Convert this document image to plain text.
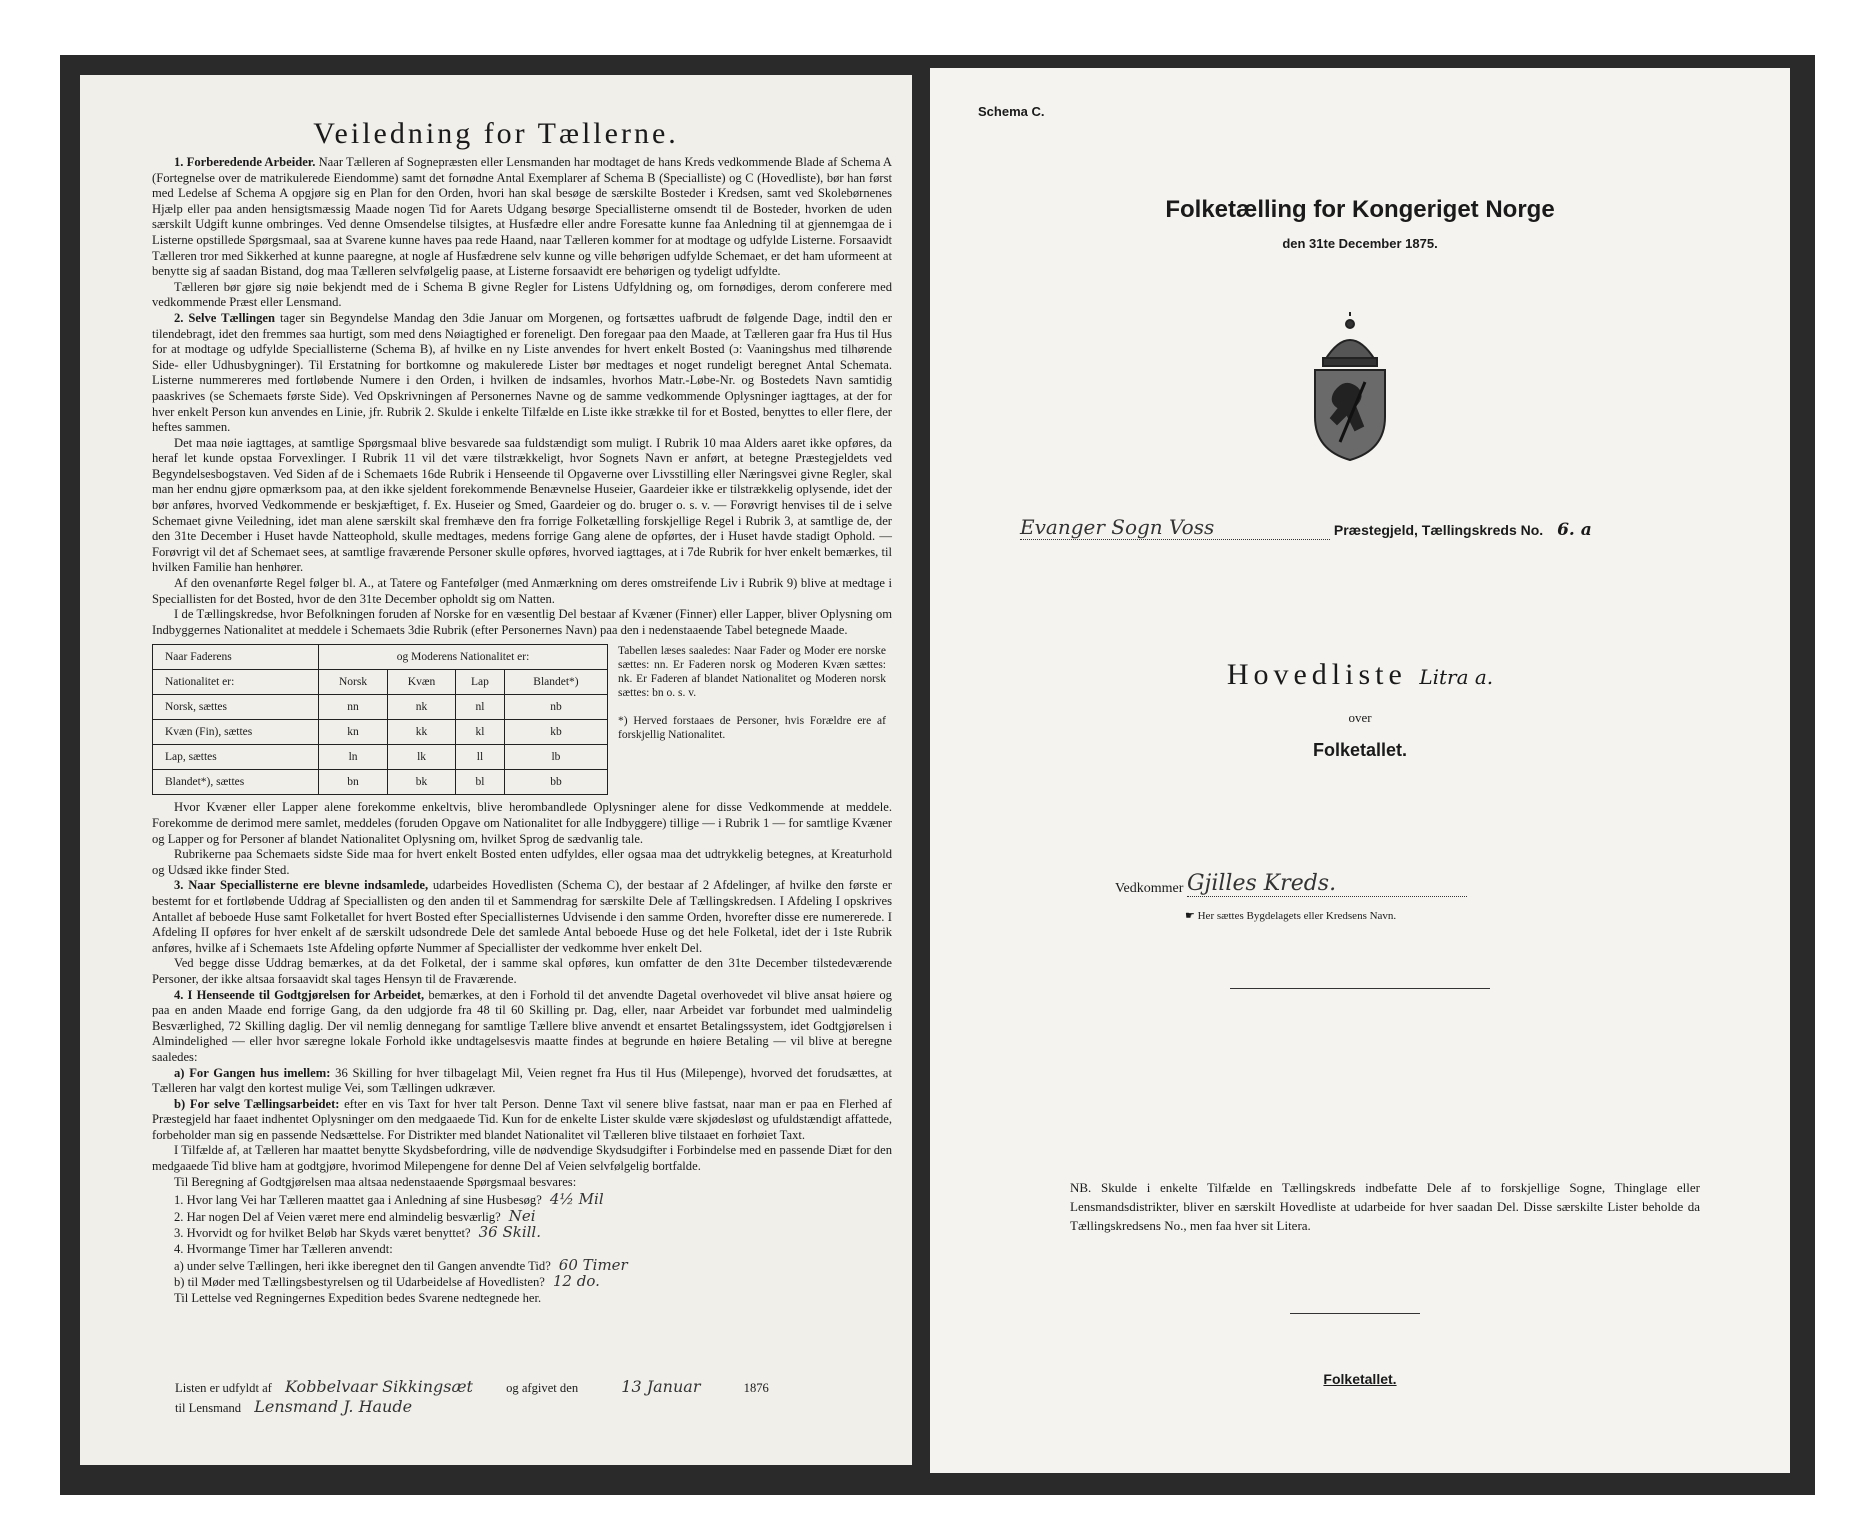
Veiledning for Tællerne.

1. Forberedende Arbeider. Naar Tælleren af Sognepræsten eller Lensmanden har modtaget de hans Kreds vedkommende Blade af Schema A (Fortegnelse over de matrikulerede Eiendomme) samt det fornødne Antal Exemplarer af Schema B (Specialliste) og C (Hovedliste), bør han først med Ledelse af Schema A opgjøre sig en Plan for den Orden, hvori han skal besøge de særskilte Bosteder i Kredsen, samt ved Skolebørnenes Hjælp eller paa anden hensigtsmæssig Maade nogen Tid for Aarets Udgang besørge Speciallisterne omsendt til de Bosteder, hvorken de uden særskilt Udgift kunne ombringes. Ved denne Omsendelse tilsigtes, at Husfædre eller andre Foresatte kunne faa Anledning til at gjennemgaa de i Listerne opstillede Spørgsmaal, saa at Svarene kunne haves paa rede Haand, naar Tælleren kommer for at modtage og udfylde Listerne. Forsaavidt Tælleren tror med Sikkerhed at kunne paaregne, at nogle af Husfædrene selv kunne og ville behørigen udfylde Schemaet, er det ham uformeent at benytte sig af saadan Bistand, dog maa Tælleren selvfølgelig paase, at Listerne forsaavidt ere behørigen og tydeligt udfyldte.

Tælleren bør gjøre sig nøie bekjendt med de i Schema B givne Regler for Listens Udfyldning og, om fornødiges, derom conferere med vedkommende Præst eller Lensmand.

2. Selve Tællingen tager sin Begyndelse Mandag den 3die Januar om Morgenen, og fortsættes uafbrudt de følgende Dage, indtil den er tilendebragt, idet den fremmes saa hurtigt, som med dens Nøiagtighed er foreneligt. Den foregaar paa den Maade, at Tælleren gaar fra Hus til Hus for at modtage og udfylde Speciallisterne (Schema B), af hvilke en ny Liste anvendes for hvert enkelt Bosted (ɔ: Vaaningshus med tilhørende Side- eller Udhusbygninger). Til Erstatning for bortkomne og makulerede Lister bør medtages et noget rundeligt beregnet Antal Schemata. Listerne nummereres med fortløbende Numere i den Orden, i hvilken de indsamles, hvorhos Matr.-Løbe-Nr. og Bostedets Navn samtidig paaskrives (se Schemaets første Side). Ved Opskrivningen af Personernes Navne og de samme vedkommende Oplysninger iagttages, at der for hver enkelt Person kun anvendes en Linie, jfr. Rubrik 2. Skulde i enkelte Tilfælde en Liste ikke strække til for et Bosted, benyttes to eller flere, der heftes sammen.

Det maa nøie iagttages, at samtlige Spørgsmaal blive besvarede saa fuldstændigt som muligt. I Rubrik 10 maa Alders aaret ikke opføres, da heraf let kunde opstaa Forvexlinger. I Rubrik 11 vil det være tilstrækkeligt, hvor Sognets Navn er anført, at betegne Præstegjeldets ved Begyndelsesbogstaven. Ved Siden af de i Schemaets 16de Rubrik i Henseende til Opgaverne over Livsstilling eller Næringsvei givne Regler, skal man her endnu gjøre opmærksom paa, at den ikke sjeldent forekommende Benævnelse Huseier, Gaardeier ikke er tilstrækkelig oplysende, idet der bør anføres, hvorved Vedkommende er beskjæftiget, f. Ex. Huseier og Smed, Gaardeier og do. bruger o. s. v. — Forøvrigt henvises til de i selve Schemaet givne Veiledning, idet man alene særskilt skal fremhæve den fra forrige Folketælling forskjellige Regel i Rubrik 3, at samtlige de, der den 31te December i Huset havde Natteophold, skulle medtages, medens forrige Gang alene de opførtes, der i Huset havde stadigt Ophold. — Forøvrigt vil det af Schemaet sees, at samtlige fraværende Personer skulle opføres, hvorved iagttages, at i 7de Rubrik for hver enkelt bemærkes, til hvilken Familie han henhører.

Af den ovenanførte Regel følger bl. A., at Tatere og Fantefølger (med Anmærkning om deres omstreifende Liv i Rubrik 9) blive at medtage i Speciallisten for det Bosted, hvor de den 31te December opholdt sig om Natten.

I de Tællingskredse, hvor Befolkningen foruden af Norske for en væsentlig Del bestaar af Kvæner (Finner) eller Lapper, bliver Oplysning om Indbyggernes Nationalitet at meddele i Schemaets 3die Rubrik (efter Personernes Navn) paa den i nedenstaaende Tabel betegnede Maade.

Naar Faderens	og Moderens Nationalitet er:			
Nationalitet er:	Norsk	Kvæn	Lap	Blandet*)
Norsk, sættes	nn	nk	nl	nb
Kvæn (Fin), sættes	kn	kk	kl	kb
Lap, sættes	ln	lk	ll	lb
Blandet*), sættes	bn	bk	bl	bb
Tabellen læses saaledes: Naar Fader og Moder ere norske sættes: nn. Er Faderen norsk og Moderen Kvæn sættes: nk. Er Faderen af blandet Nationalitet og Moderen norsk sættes: bn o. s. v.
*) Herved forstaaes de Personer, hvis Forældre ere af forskjellig Nationalitet.

Hvor Kvæner eller Lapper alene forekomme enkeltvis, blive herombandlede Oplysninger alene for disse Vedkommende at meddele. Forekomme de derimod mere samlet, meddeles (foruden Opgave om Nationalitet for alle Indbyggere) tillige — i Rubrik 1 — for samtlige Kvæner og Lapper og for Personer af blandet Nationalitet Oplysning om, hvilket Sprog de sædvanlig tale.

Rubrikerne paa Schemaets sidste Side maa for hvert enkelt Bosted enten udfyldes, eller ogsaa maa det udtrykkelig betegnes, at Kreaturhold og Udsæd ikke finder Sted.

3. Naar Speciallisterne ere blevne indsamlede, udarbeides Hovedlisten (Schema C), der bestaar af 2 Afdelinger, af hvilke den første er bestemt for et fortløbende Uddrag af Speciallisten og den anden til et Sammendrag for særskilte Dele af Tællingskredsen. I Afdeling I opskrives Antallet af beboede Huse samt Folketallet for hvert Bosted efter Speciallisternes Udvisende i den samme Orden, hvorefter disse ere numererede. I Afdeling II opføres for hver enkelt af de særskilt udsondrede Dele det samlede Antal beboede Huse og det hele Folketal, idet der i 1ste Rubrik anføres, hvilke af i Schemaets 1ste Afdeling opførte Nummer af Speciallister der vedkomme hver enkelt Del.

Ved begge disse Uddrag bemærkes, at da det Folketal, der i samme skal opføres, kun omfatter de den 31te December tilstedeværende Personer, der ikke altsaa forsaavidt skal tages Hensyn til de Fraværende.

4. I Henseende til Godtgjørelsen for Arbeidet, bemærkes, at den i Forhold til det anvendte Dagetal overhovedet vil blive ansat høiere og paa en anden Maade end forrige Gang, da den udgjorde fra 48 til 60 Skilling pr. Dag, eller, naar Arbeidet var forbundet med ualmindelig Besværlighed, 72 Skilling daglig. Der vil nemlig dennegang for samtlige Tællere blive anvendt et ensartet Betalingssystem, idet Godtgjørelsen i Almindelighed — eller hvor særegne lokale Forhold ikke undtagelsesvis maatte findes at begrunde en høiere Betaling — vil blive at beregne saaledes:

a) For Gangen hus imellem: 36 Skilling for hver tilbagelagt Mil, Veien regnet fra Hus til Hus (Milepenge), hvorved det forudsættes, at Tælleren har valgt den kortest mulige Vei, som Tællingen udkræver.

b) For selve Tællingsarbeidet: efter en vis Taxt for hver talt Person. Denne Taxt vil senere blive fastsat, naar man er paa en Flerhed af Præstegjeld har faaet indhentet Oplysninger om den medgaaede Tid. Kun for de enkelte Lister skulde være skjødesløst og ufuldstændigt affattede, forbeholder man sig en passende Nedsættelse. For Distrikter med blandet Nationalitet vil Tælleren blive tilstaaet en forhøiet Taxt.

I Tilfælde af, at Tælleren har maattet benytte Skydsbefordring, ville de nødvendige Skydsudgifter i Forbindelse med en passende Diæt for den medgaaede Tid blive ham at godtgjøre, hvorimod Milepengene for denne Del af Veien selvfølgelig bortfalde.

Til Beregning af Godtgjørelsen maa altsaa nedenstaaende Spørgsmaal besvares:

1. Hvor lang Vei har Tælleren maattet gaa i Anledning af sine Husbesøg? 4½ Mil
2. Har nogen Del af Veien været mere end almindelig besværlig? Nei
3. Hvorvidt og for hvilket Beløb har Skyds været benyttet? 36 Skill.
4. Hvormange Timer har Tælleren anvendt:
a) under selve Tællingen, heri ikke iberegnet den til Gangen anvendte Tid? 60 Timer
b) til Møder med Tællingsbestyrelsen og til Udarbeidelse af Hovedlisten? 12 do.
Til Lettelse ved Regningernes Expedition bedes Svarene nedtegnede her.
Listen er udfyldt af Kobbelvaar Sikkingsæt	og afgivet den	13 Januar	1876
til Lensmand Lensmand J. Haude
Schema C.
Folketælling for Kongeriget Norge
den 31te December 1875.
Evanger Sogn Voss	Præstegjeld, Tællingskreds No. 6. a
Hovedliste Litra a.
over
Folketallet.
Vedkommer Gjilles Kreds.
☛ Her sættes Bygdelagets eller Kredsens Navn.
NB. Skulde i enkelte Tilfælde en Tællingskreds indbefatte Dele af to forskjellige Sogne, Thinglage eller Lensmandsdistrikter, bliver en særskilt Hovedliste at udarbeide for hver saadan Del. Disse særskilte Lister beholde da Tællingskredsens No., men faa hver sit Litera.
Folketallet.
